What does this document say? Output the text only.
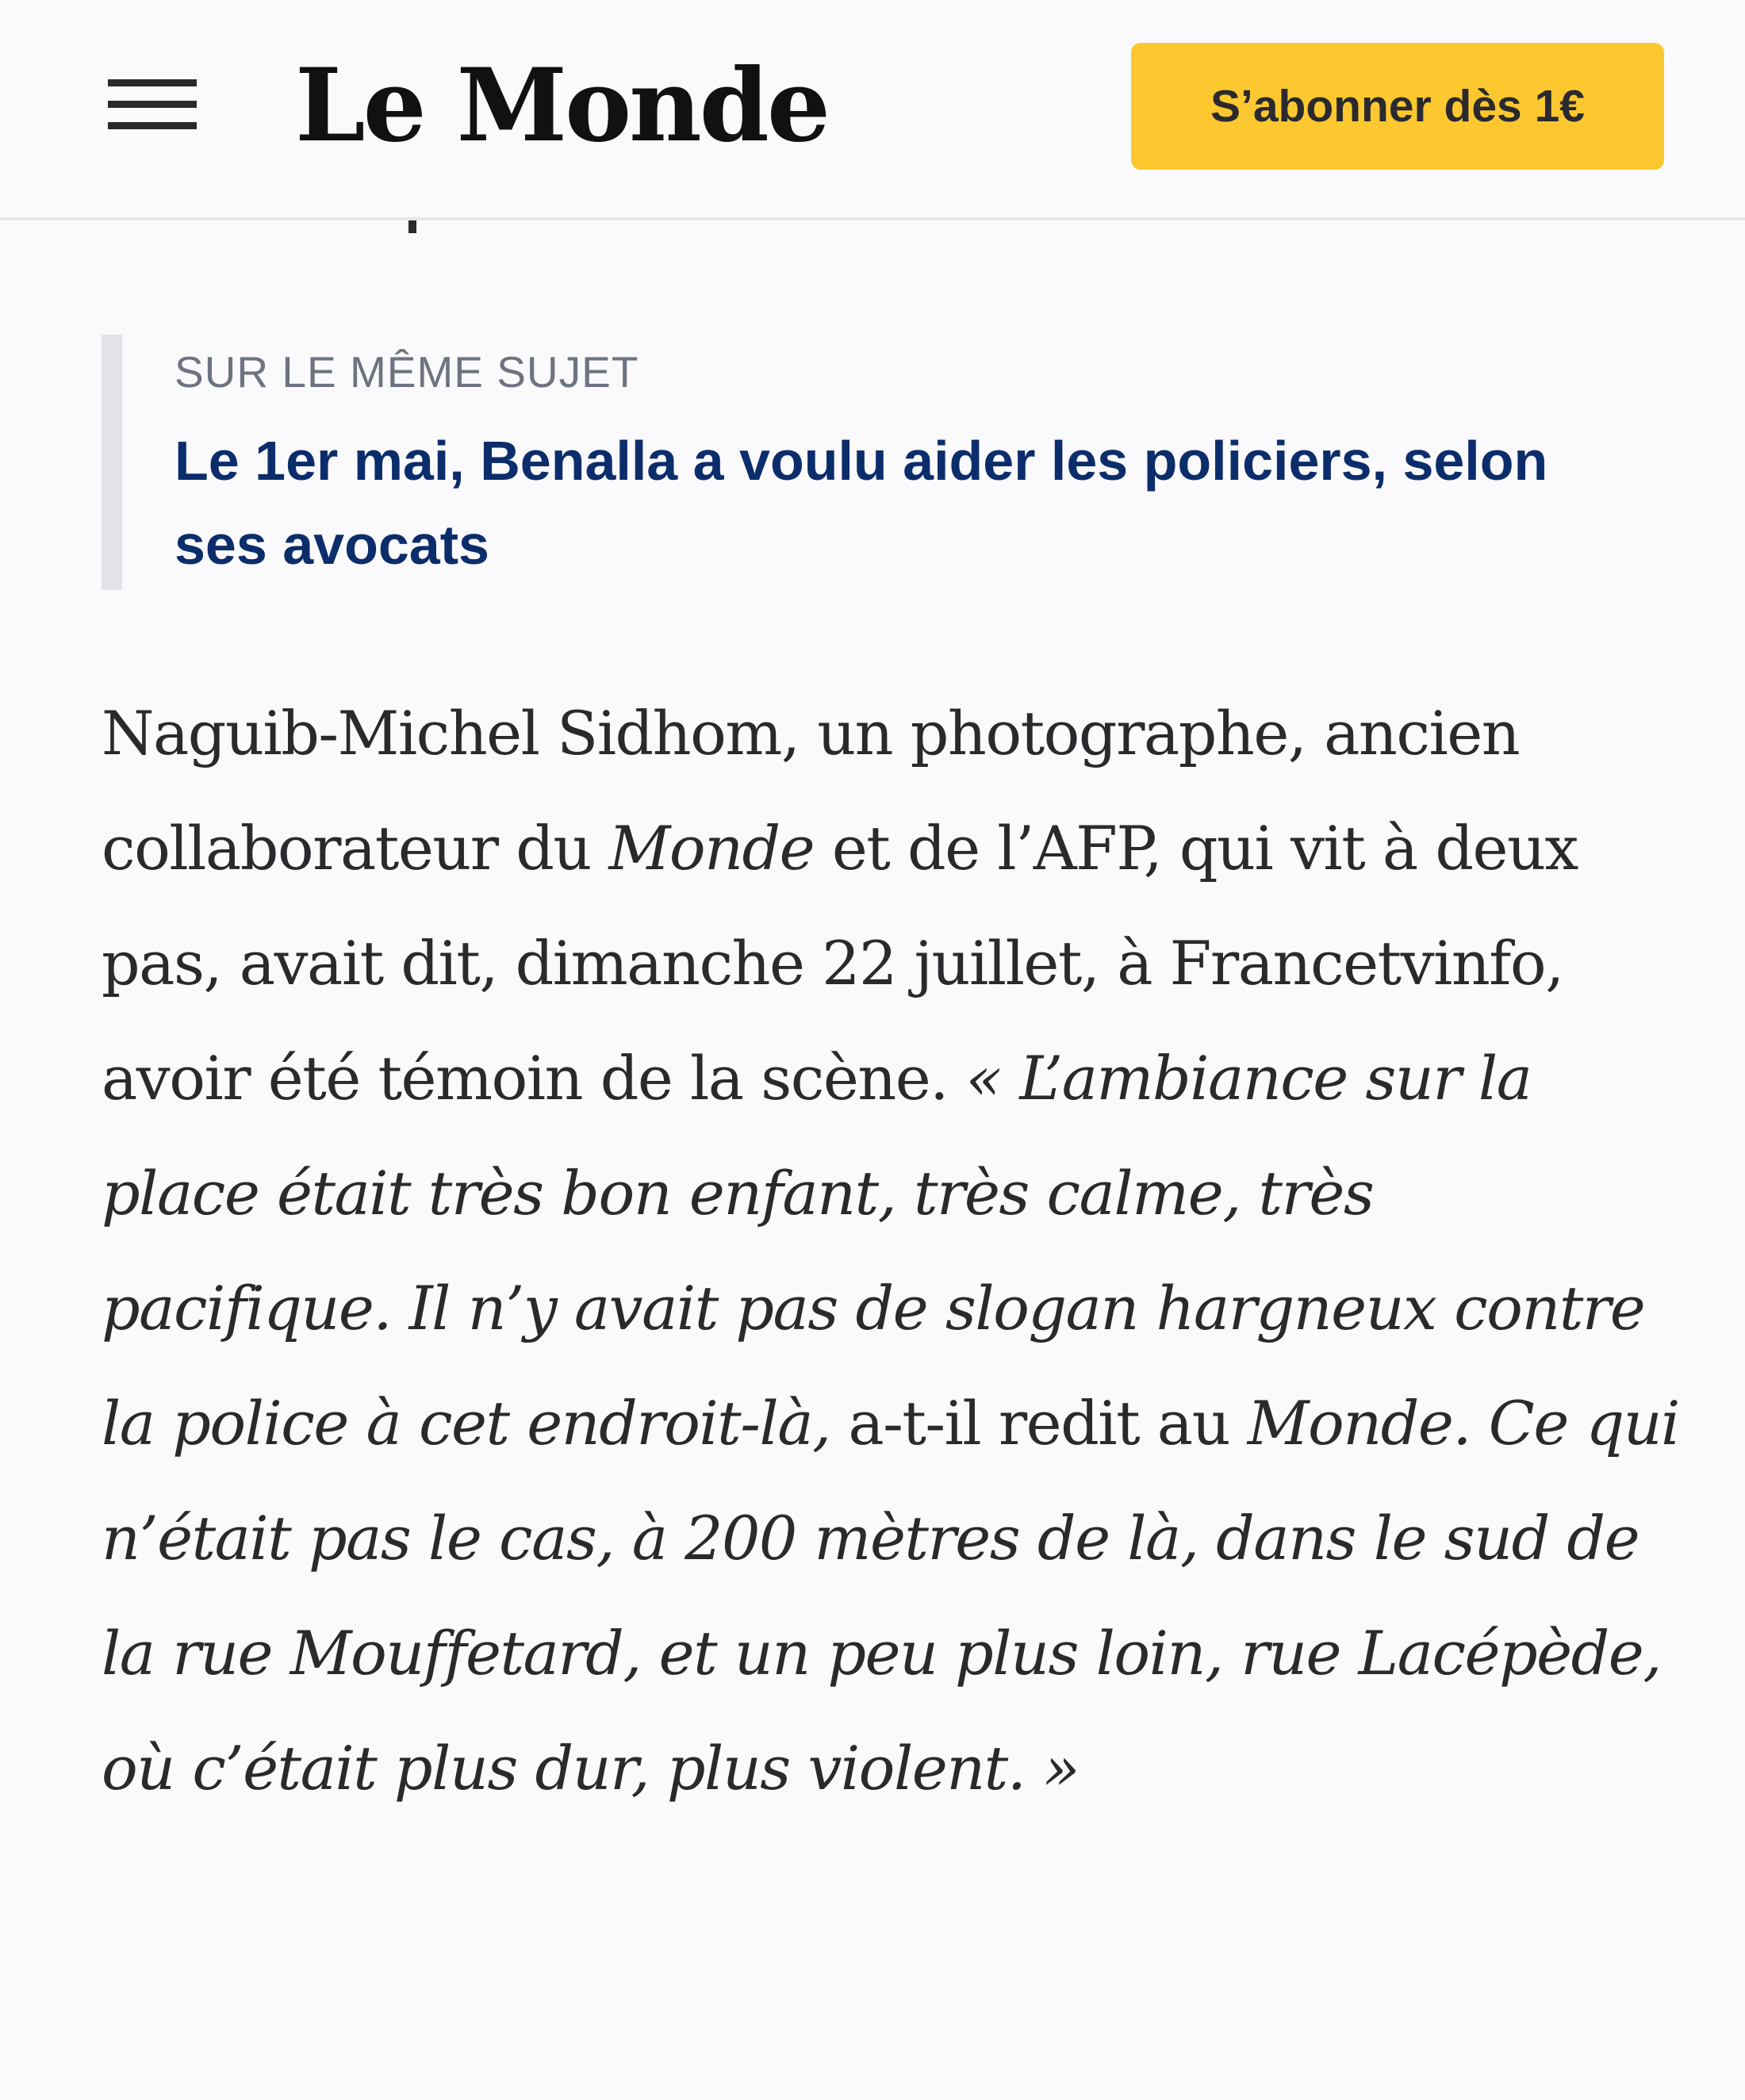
Le Monde	S’abonner dès 1€
SUR LE MÊME SUJET
Le 1er mai, Benalla a voulu aider les policiers, selon ses avocats

Naguib-Michel Sidhom, un photographe, ancien collaborateur du Monde et de l’AFP, qui vit à deux pas, avait dit, dimanche 22 juillet, à Francetvinfo, avoir été témoin de la scène. « L’ambiance sur la place était très bon enfant, très calme, très pacifique. Il n’y avait pas de slogan hargneux contre la police à cet endroit-là, a-t-il redit au Monde. Ce qui n’était pas le cas, à 200 mètres de là, dans le sud de la rue Mouffetard, et un peu plus loin, rue Lacépède, où c’était plus dur, plus violent. »
